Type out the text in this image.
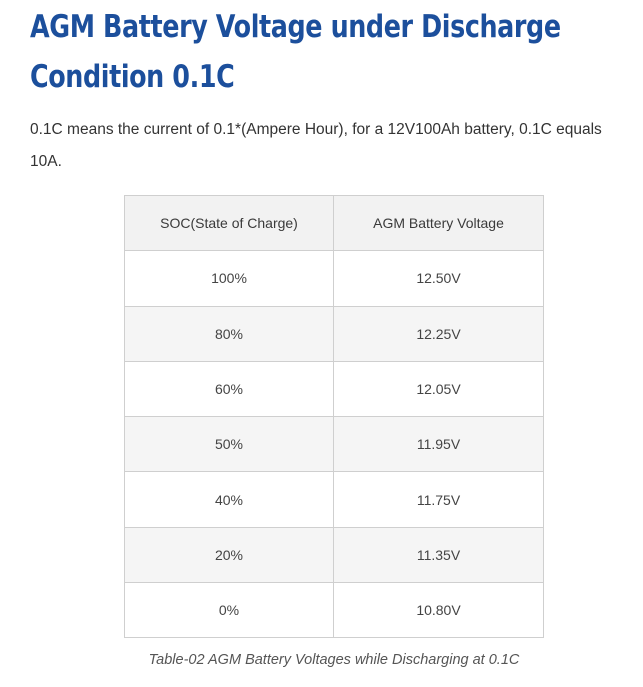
AGM Battery Voltage under Discharge
Condition 0.1C

0.1C means the current of 0.1*(Ampere Hour), for a 12V100Ah battery, 0.1C equals 10A.

SOC(State of Charge)	AGM Battery Voltage
100%	12.50V
80%	12.25V
60%	12.05V
50%	11.95V
40%	11.75V
20%	11.35V
0%	10.80V

Table-02 AGM Battery Voltages while Discharging at 0.1C
